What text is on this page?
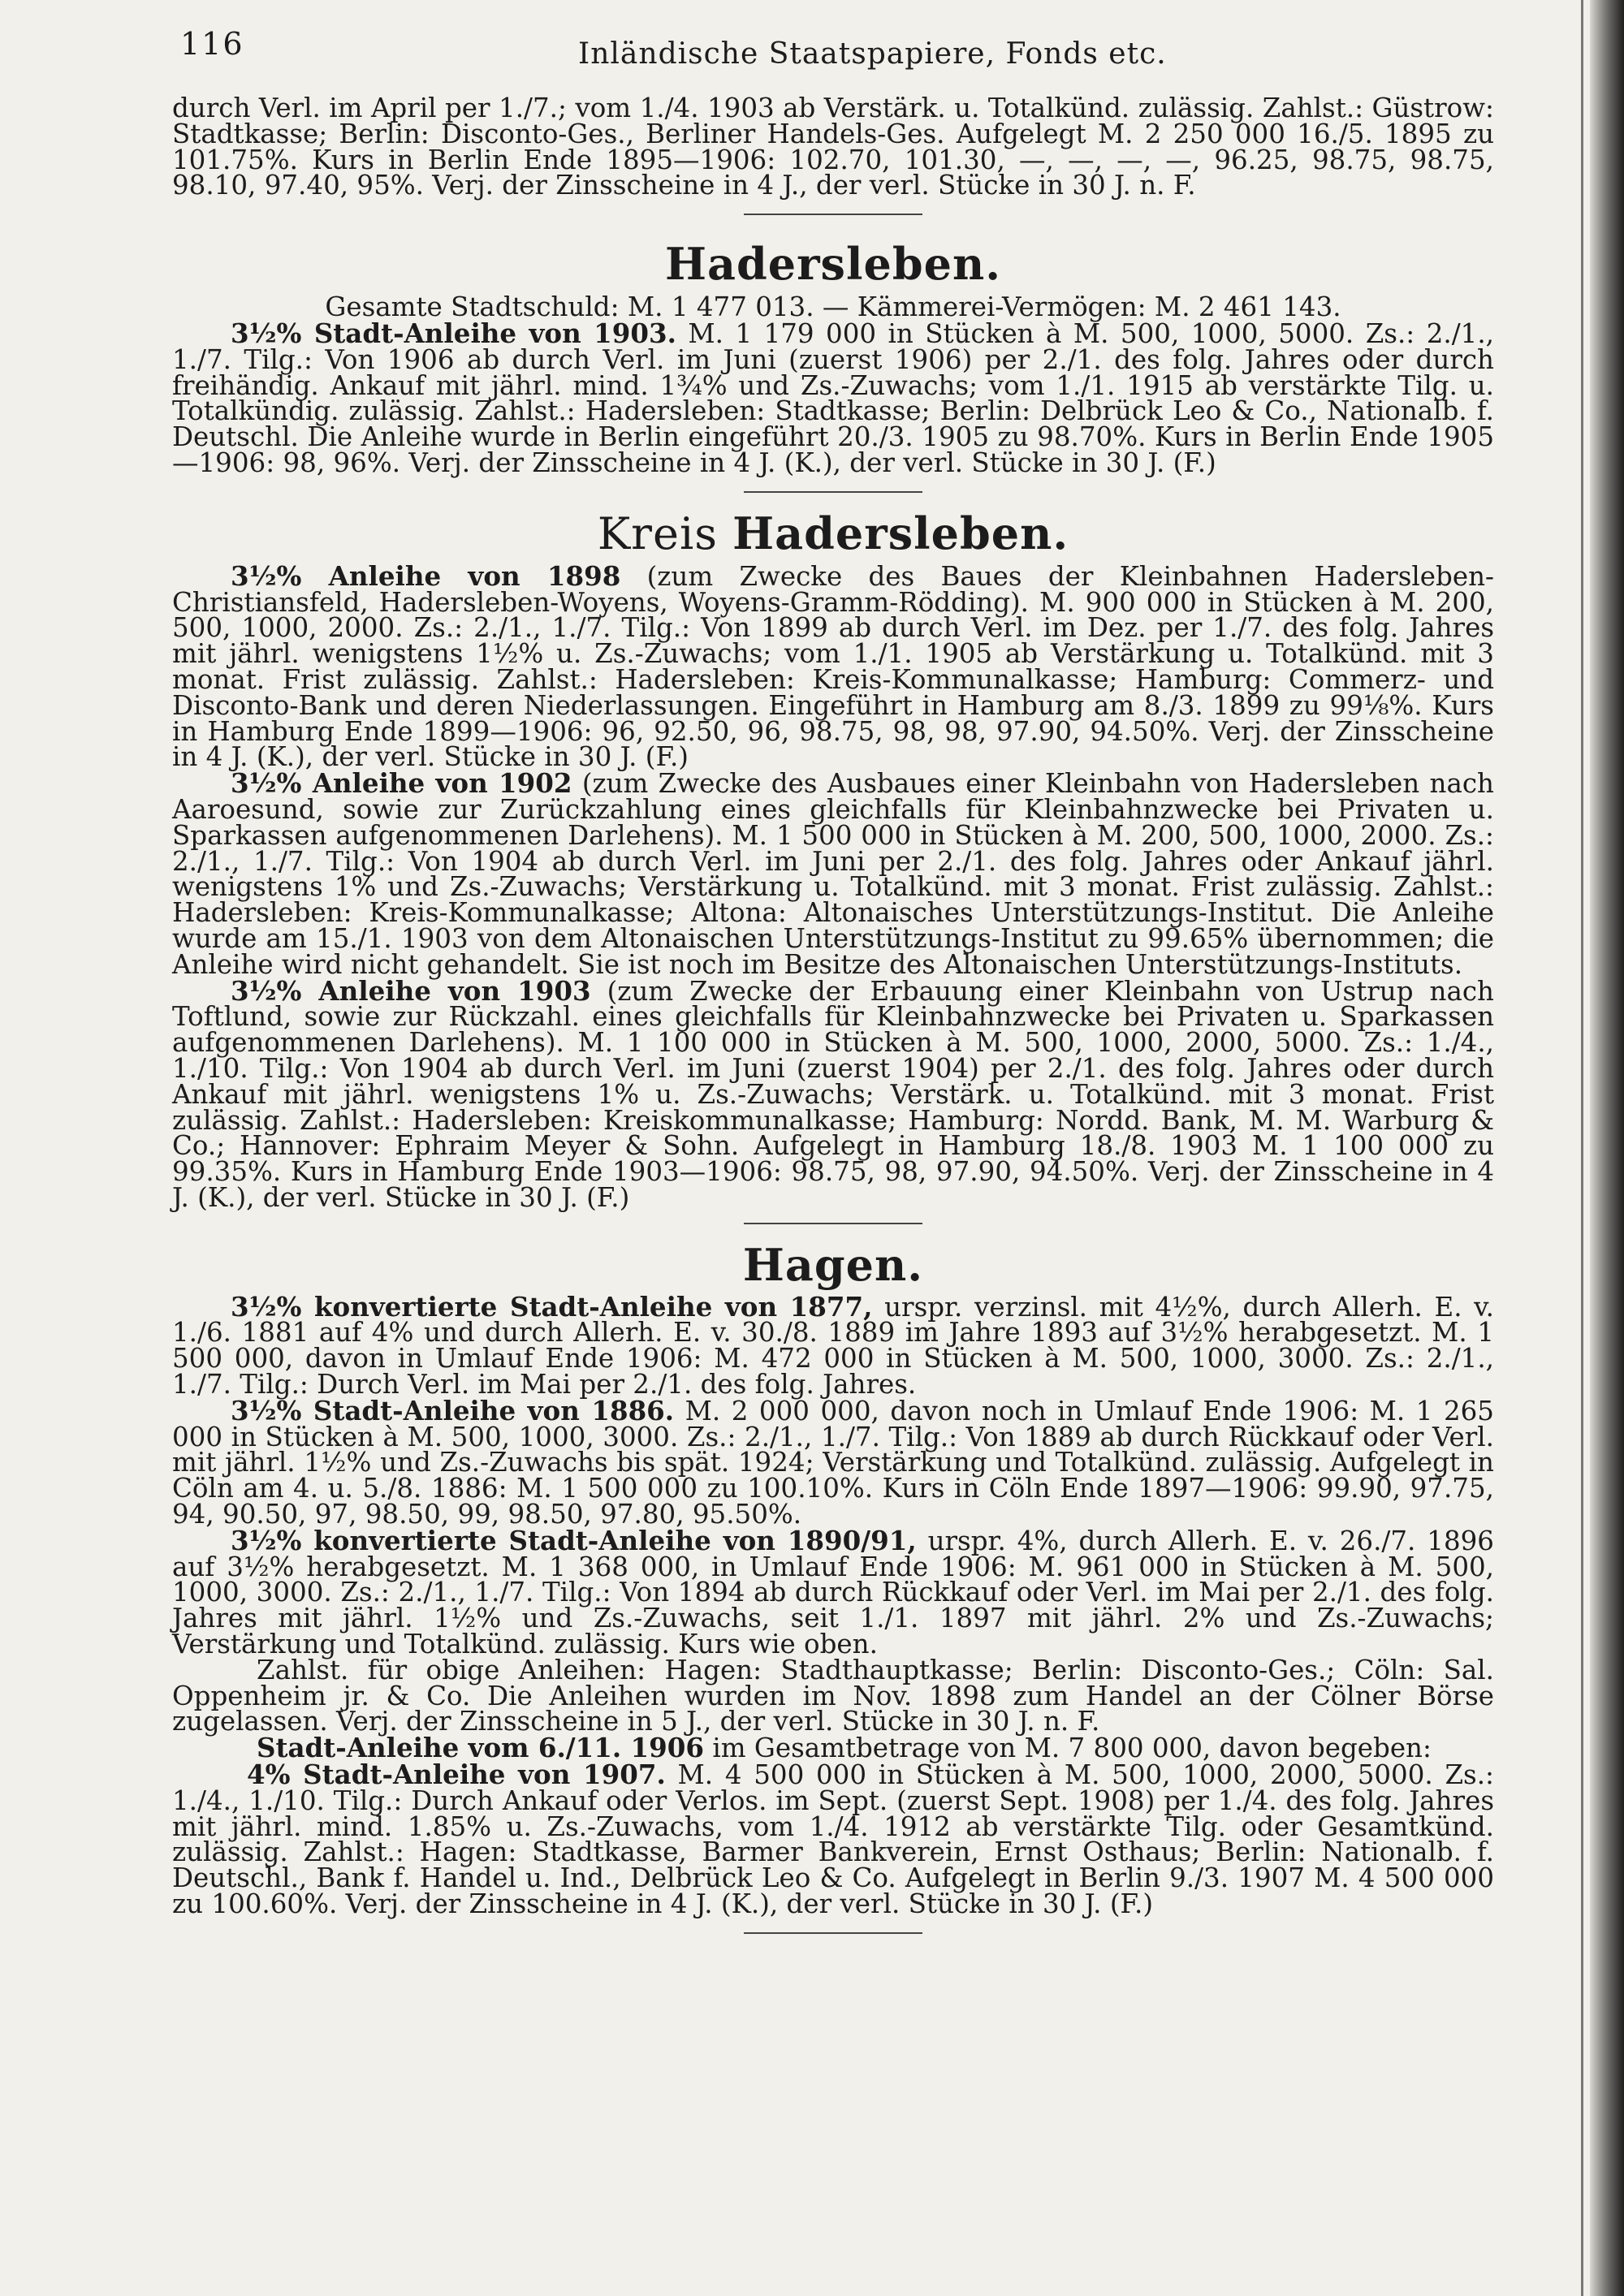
116	Inländische Staatspapiere, Fonds etc.

durch Verl. im April per 1./7.; vom 1./4. 1903 ab Verstärk. u. Totalkünd. zulässig. Zahlst.: Güstrow: Stadtkasse; Berlin: Disconto-Ges., Berliner Handels-Ges. Aufgelegt M. 2 250 000 16./5. 1895 zu 101.75%. Kurs in Berlin Ende 1895—1906: 102.70, 101.30, —, —, —, —, 96.25, 98.75, 98.75, 98.10, 97.40, 95%. Verj. der Zinsscheine in 4 J., der verl. Stücke in 30 J. n. F.

Hadersleben.

Gesamte Stadtschuld: M. 1 477 013. — Kämmerei-Vermögen: M. 2 461 143.

3½% Stadt-Anleihe von 1903. M. 1 179 000 in Stücken à M. 500, 1000, 5000. Zs.: 2./1., 1./7. Tilg.: Von 1906 ab durch Verl. im Juni (zuerst 1906) per 2./1. des folg. Jahres oder durch freihändig. Ankauf mit jährl. mind. 1¾% und Zs.-Zuwachs; vom 1./1. 1915 ab verstärkte Tilg. u. Totalkündig. zulässig. Zahlst.: Hadersleben: Stadtkasse; Berlin: Delbrück Leo & Co., Nationalb. f. Deutschl. Die Anleihe wurde in Berlin eingeführt 20./3. 1905 zu 98.70%. Kurs in Berlin Ende 1905—1906: 98, 96%. Verj. der Zinsscheine in 4 J. (K.), der verl. Stücke in 30 J. (F.)

Kreis Hadersleben.

3½% Anleihe von 1898 (zum Zwecke des Baues der Kleinbahnen Hadersleben-Christiansfeld, Hadersleben-Woyens, Woyens-Gramm-Rödding). M. 900 000 in Stücken à M. 200, 500, 1000, 2000. Zs.: 2./1., 1./7. Tilg.: Von 1899 ab durch Verl. im Dez. per 1./7. des folg. Jahres mit jährl. wenigstens 1½% u. Zs.-Zuwachs; vom 1./1. 1905 ab Verstärkung u. Totalkünd. mit 3 monat. Frist zulässig. Zahlst.: Hadersleben: Kreis-Kommunalkasse; Hamburg: Commerz- und Disconto-Bank und deren Niederlassungen. Eingeführt in Hamburg am 8./3. 1899 zu 99⅛%. Kurs in Hamburg Ende 1899—1906: 96, 92.50, 96, 98.75, 98, 98, 97.90, 94.50%. Verj. der Zinsscheine in 4 J. (K.), der verl. Stücke in 30 J. (F.)

3½% Anleihe von 1902 (zum Zwecke des Ausbaues einer Kleinbahn von Hadersleben nach Aaroesund, sowie zur Zurückzahlung eines gleichfalls für Kleinbahnzwecke bei Privaten u. Sparkassen aufgenommenen Darlehens). M. 1 500 000 in Stücken à M. 200, 500, 1000, 2000. Zs.: 2./1., 1./7. Tilg.: Von 1904 ab durch Verl. im Juni per 2./1. des folg. Jahres oder Ankauf jährl. wenigstens 1% und Zs.-Zuwachs; Verstärkung u. Totalkünd. mit 3 monat. Frist zulässig. Zahlst.: Hadersleben: Kreis-Kommunalkasse; Altona: Altonaisches Unterstützungs-Institut. Die Anleihe wurde am 15./1. 1903 von dem Altonaischen Unterstützungs-Institut zu 99.65% übernommen; die Anleihe wird nicht gehandelt. Sie ist noch im Besitze des Altonaischen Unterstützungs-Instituts.

3½% Anleihe von 1903 (zum Zwecke der Erbauung einer Kleinbahn von Ustrup nach Toftlund, sowie zur Rückzahl. eines gleichfalls für Kleinbahnzwecke bei Privaten u. Sparkassen aufgenommenen Darlehens). M. 1 100 000 in Stücken à M. 500, 1000, 2000, 5000. Zs.: 1./4., 1./10. Tilg.: Von 1904 ab durch Verl. im Juni (zuerst 1904) per 2./1. des folg. Jahres oder durch Ankauf mit jährl. wenigstens 1% u. Zs.-Zuwachs; Verstärk. u. Totalkünd. mit 3 monat. Frist zulässig. Zahlst.: Hadersleben: Kreiskommunalkasse; Hamburg: Nordd. Bank, M. M. Warburg & Co.; Hannover: Ephraim Meyer & Sohn. Aufgelegt in Hamburg 18./8. 1903 M. 1 100 000 zu 99.35%. Kurs in Hamburg Ende 1903—1906: 98.75, 98, 97.90, 94.50%. Verj. der Zinsscheine in 4 J. (K.), der verl. Stücke in 30 J. (F.)

Hagen.

3½% konvertierte Stadt-Anleihe von 1877, urspr. verzinsl. mit 4½%, durch Allerh. E. v. 1./6. 1881 auf 4% und durch Allerh. E. v. 30./8. 1889 im Jahre 1893 auf 3½% herabgesetzt. M. 1 500 000, davon in Umlauf Ende 1906: M. 472 000 in Stücken à M. 500, 1000, 3000. Zs.: 2./1., 1./7. Tilg.: Durch Verl. im Mai per 2./1. des folg. Jahres.

3½% Stadt-Anleihe von 1886. M. 2 000 000, davon noch in Umlauf Ende 1906: M. 1 265 000 in Stücken à M. 500, 1000, 3000. Zs.: 2./1., 1./7. Tilg.: Von 1889 ab durch Rückkauf oder Verl. mit jährl. 1½% und Zs.-Zuwachs bis spät. 1924; Verstärkung und Totalkünd. zulässig. Aufgelegt in Cöln am 4. u. 5./8. 1886: M. 1 500 000 zu 100.10%. Kurs in Cöln Ende 1897—1906: 99.90, 97.75, 94, 90.50, 97, 98.50, 99, 98.50, 97.80, 95.50%.

3½% konvertierte Stadt-Anleihe von 1890/91, urspr. 4%, durch Allerh. E. v. 26./7. 1896 auf 3½% herabgesetzt. M. 1 368 000, in Umlauf Ende 1906: M. 961 000 in Stücken à M. 500, 1000, 3000. Zs.: 2./1., 1./7. Tilg.: Von 1894 ab durch Rückkauf oder Verl. im Mai per 2./1. des folg. Jahres mit jährl. 1½% und Zs.-Zuwachs, seit 1./1. 1897 mit jährl. 2% und Zs.-Zuwachs; Verstärkung und Totalkünd. zulässig. Kurs wie oben.

Zahlst. für obige Anleihen: Hagen: Stadthauptkasse; Berlin: Disconto-Ges.; Cöln: Sal. Oppenheim jr. & Co. Die Anleihen wurden im Nov. 1898 zum Handel an der Cölner Börse zugelassen. Verj. der Zinsscheine in 5 J., der verl. Stücke in 30 J. n. F.

Stadt-Anleihe vom 6./11. 1906 im Gesamtbetrage von M. 7 800 000, davon begeben:

4% Stadt-Anleihe von 1907. M. 4 500 000 in Stücken à M. 500, 1000, 2000, 5000. Zs.: 1./4., 1./10. Tilg.: Durch Ankauf oder Verlos. im Sept. (zuerst Sept. 1908) per 1./4. des folg. Jahres mit jährl. mind. 1.85% u. Zs.-Zuwachs, vom 1./4. 1912 ab verstärkte Tilg. oder Gesamtkünd. zulässig. Zahlst.: Hagen: Stadtkasse, Barmer Bankverein, Ernst Osthaus; Berlin: Nationalb. f. Deutschl., Bank f. Handel u. Ind., Delbrück Leo & Co. Aufgelegt in Berlin 9./3. 1907 M. 4 500 000 zu 100.60%. Verj. der Zinsscheine in 4 J. (K.), der verl. Stücke in 30 J. (F.)
